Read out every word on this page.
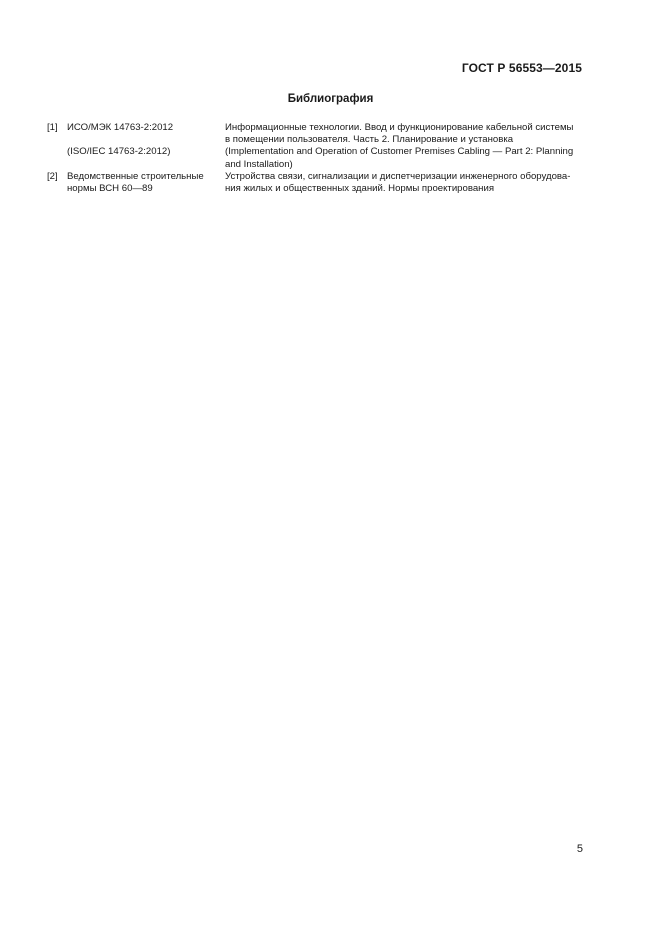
ГОСТ Р 56553—2015
Библиография
[1] ИСО/МЭК 14763-2:2012	Информационные технологии. Ввод и функционирование кабельной системы

в помещении пользователя. Часть 2. Планирование и установка

(ISO/IEC 14763-2:2012)	(Implementation and Operation of Customer Premises Cabling — Part 2: Planning

and Installation)

[2] Ведомственные строительные
нормы ВСН 60—89

Устройства связи, сигнализации и диспетчеризации инженерного оборудова-

ния жилых и общественных зданий. Нормы проектирования

5
